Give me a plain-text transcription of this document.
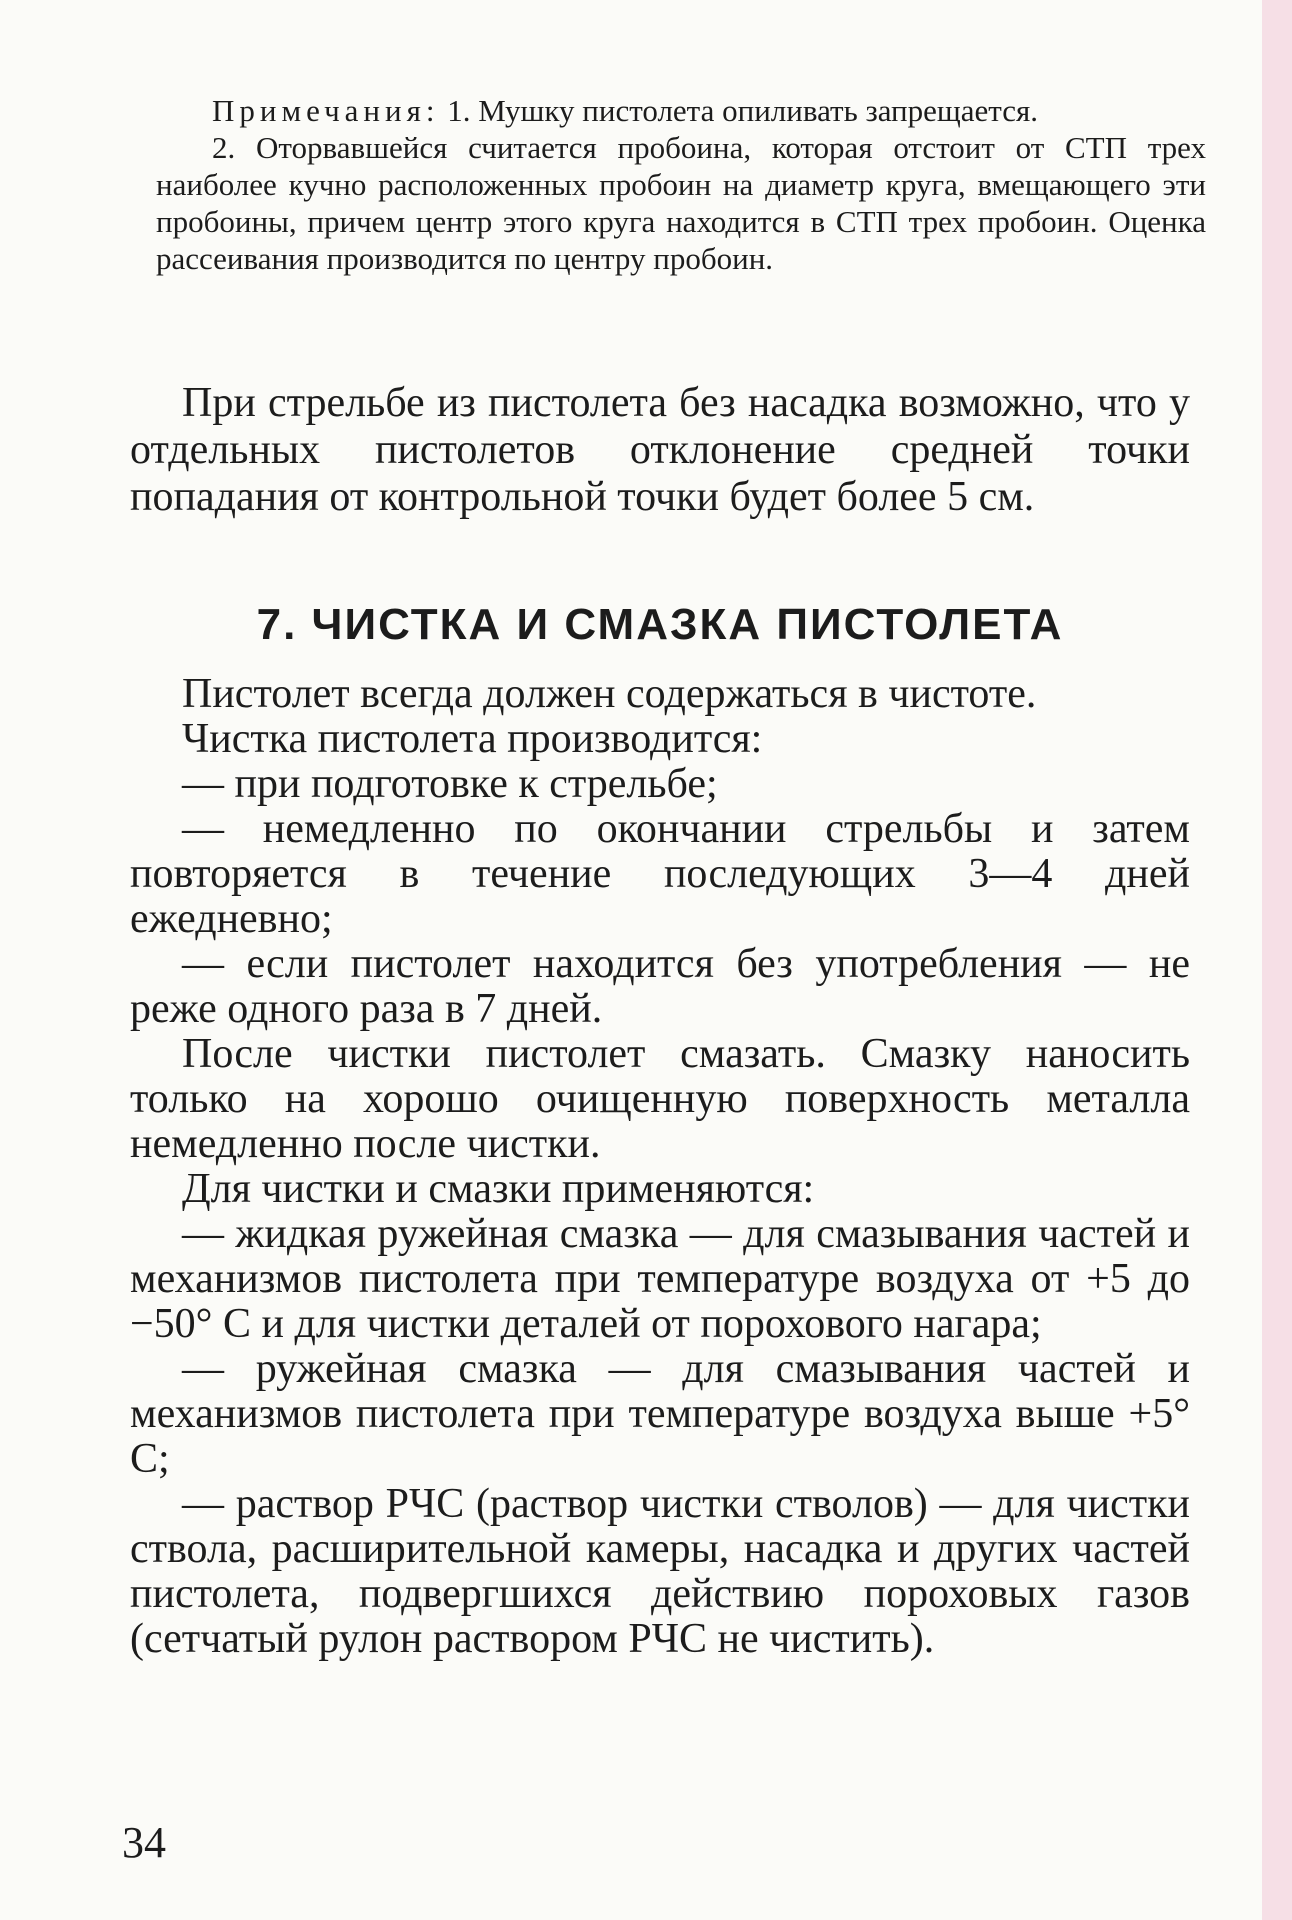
Примечания: 1. Мушку пистолета опиливать запрещается.

2. Оторвавшейся считается пробоина, которая отстоит от СТП трех наиболее кучно расположенных пробоин на диаметр круга, вмещающего эти пробоины, причем центр этого круга находится в СТП трех пробоин. Оценка рассеивания производится по центру пробоин.

При стрельбе из пистолета без насадка возможно, что у отдельных пистолетов отклонение средней точки попадания от контрольной точки будет более 5 см.

7. ЧИСТКА И СМАЗКА ПИСТОЛЕТА

Пистолет всегда должен содержаться в чистоте.

Чистка пистолета производится:

— при подготовке к стрельбе;

— немедленно по окончании стрельбы и затем повторяется в течение последующих 3—4 дней ежедневно;

— если пистолет находится без употребления — не реже одного раза в 7 дней.

После чистки пистолет смазать. Смазку наносить только на хорошо очищенную поверхность металла немедленно после чистки.

Для чистки и смазки применяются:

— жидкая ружейная смазка — для смазывания частей и механизмов пистолета при температуре воздуха от +5 до −50° С и для чистки деталей от порохового нагара;

— ружейная смазка — для смазывания частей и механизмов пистолета при температуре воздуха выше +5° С;

— раствор РЧС (раствор чистки стволов) — для чистки ствола, расширительной камеры, насадка и других частей пистолета, подвергшихся действию пороховых газов (сетчатый рулон раствором РЧС не чистить).

34
